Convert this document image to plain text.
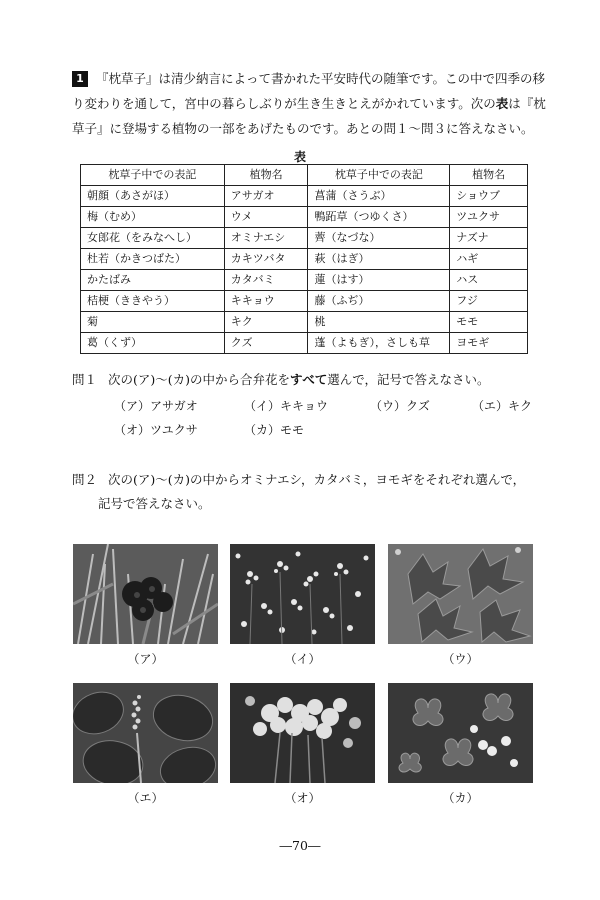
1 『枕草子』は清少納言によって書かれた平安時代の随筆です。この中で四季の移り変わりを通して，宮中の暮らしぶりが生き生きとえがかれています。次の表は『枕草子』に登場する植物の一部をあげたものです。あとの問１～問３に答えなさい。
表
枕草子中での表記	植物名	枕草子中での表記	植物名
朝顔（あさがほ）	アサガオ	菖蒲（さうぶ）	ショウブ
梅（むめ）	ウメ	鴨跖草（つゆくさ）	ツユクサ
女郎花（をみなへし）	オミナエシ	薺（なづな）	ナズナ
杜若（かきつばた）	カキツバタ	萩（はぎ）	ハギ
かたばみ	カタバミ	蓮（はす）	ハス
桔梗（ききやう）	キキョウ	藤（ふぢ）	フジ
菊	キク	桃	モモ
葛（くず）	クズ	蓬（よもぎ），さしも草	ヨモギ
問１ 次の(ア)～(カ)の中から合弁花をすべて選んで，記号で答えなさい。
（ア）アサガオ	（イ）キキョウ	（ウ）クズ	（エ）キク
（オ）ツユクサ	（カ）モモ
問２ 次の(ア)～(カ)の中からオミナエシ，カタバミ，ヨモギをそれぞれ選んで，
記号で答えなさい。
（ア）	（イ）	（ウ）
（エ）	（オ）	（カ）
―70―
